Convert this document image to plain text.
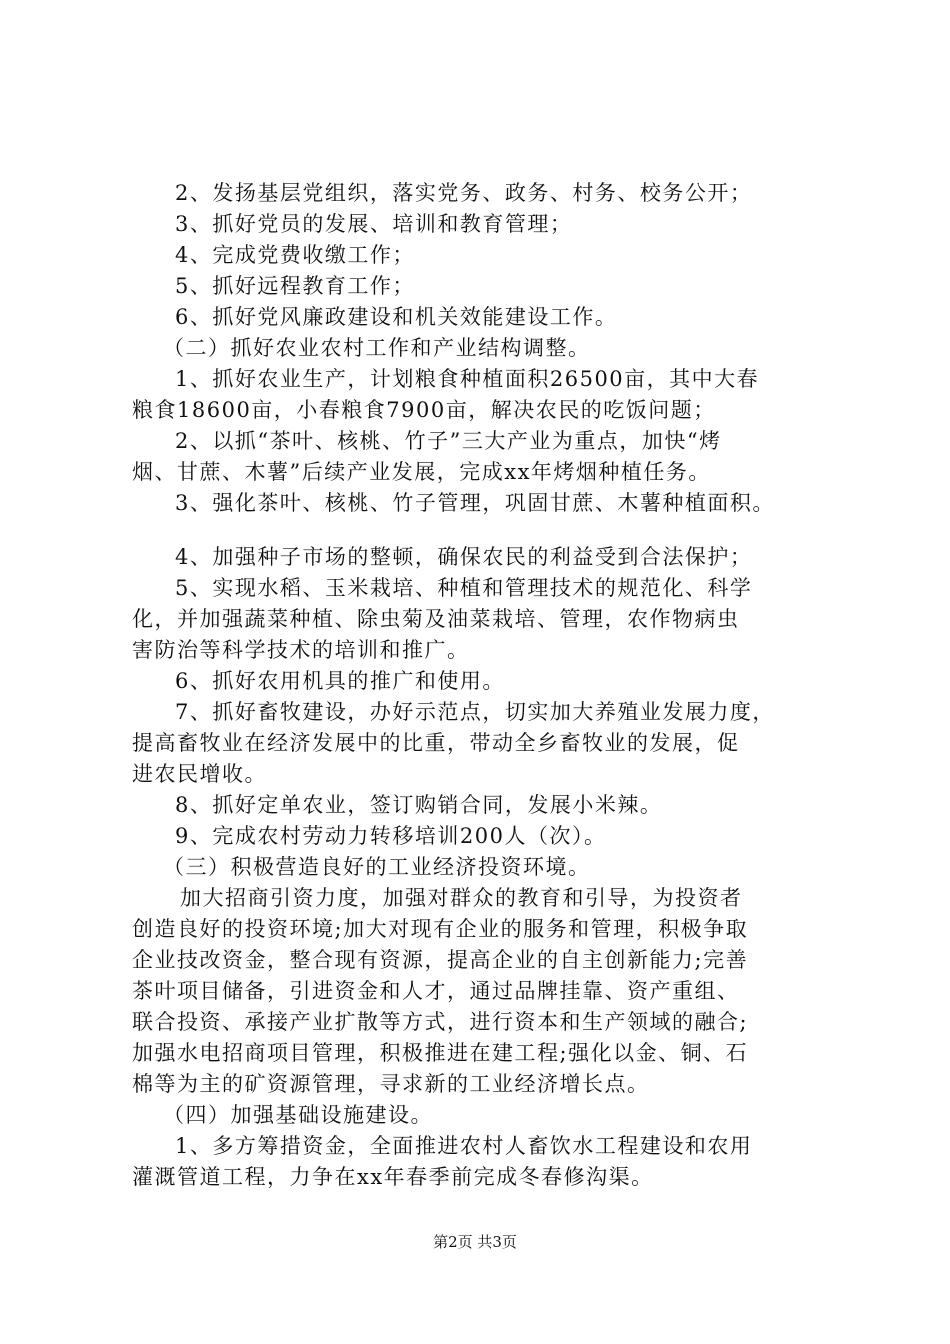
2、发扬基层党组织，落实党务、政务、村务、校务公开；
3、抓好党员的发展、培训和教育管理；
4、完成党费收缴工作；
5、抓好远程教育工作；
6、抓好党风廉政建设和机关效能建设工作。
（二）抓好农业农村工作和产业结构调整。
1、抓好农业生产，计划粮食种植面积26500亩，其中大春
粮食18600亩，小春粮食7900亩，解决农民的吃饭问题；
2、以抓“茶叶、核桃、竹子”三大产业为重点，加快“烤
烟、甘蔗、木薯”后续产业发展，完成xx年烤烟种植任务。
3、强化茶叶、核桃、竹子管理，巩固甘蔗、木薯种植面积。
4、加强种子市场的整顿，确保农民的利益受到合法保护；
5、实现水稻、玉米栽培、种植和管理技术的规范化、科学
化，并加强蔬菜种植、除虫菊及油菜栽培、管理，农作物病虫
害防治等科学技术的培训和推广。
6、抓好农用机具的推广和使用。
7、抓好畜牧建设，办好示范点，切实加大养殖业发展力度，
提高畜牧业在经济发展中的比重，带动全乡畜牧业的发展，促
进农民增收。
8、抓好定单农业，签订购销合同，发展小米辣。
9、完成农村劳动力转移培训200人（次）。
（三）积极营造良好的工业经济投资环境。
加大招商引资力度，加强对群众的教育和引导，为投资者
创造良好的投资环境;加大对现有企业的服务和管理，积极争取
企业技改资金，整合现有资源，提高企业的自主创新能力;完善
茶叶项目储备，引进资金和人才，通过品牌挂靠、资产重组、
联合投资、承接产业扩散等方式，进行资本和生产领域的融合;
加强水电招商项目管理，积极推进在建工程;强化以金、铜、石
棉等为主的矿资源管理，寻求新的工业经济增长点。
（四）加强基础设施建设。
1、多方筹措资金，全面推进农村人畜饮水工程建设和农用
灌溉管道工程，力争在xx年春季前完成冬春修沟渠。
第2页 共3页
